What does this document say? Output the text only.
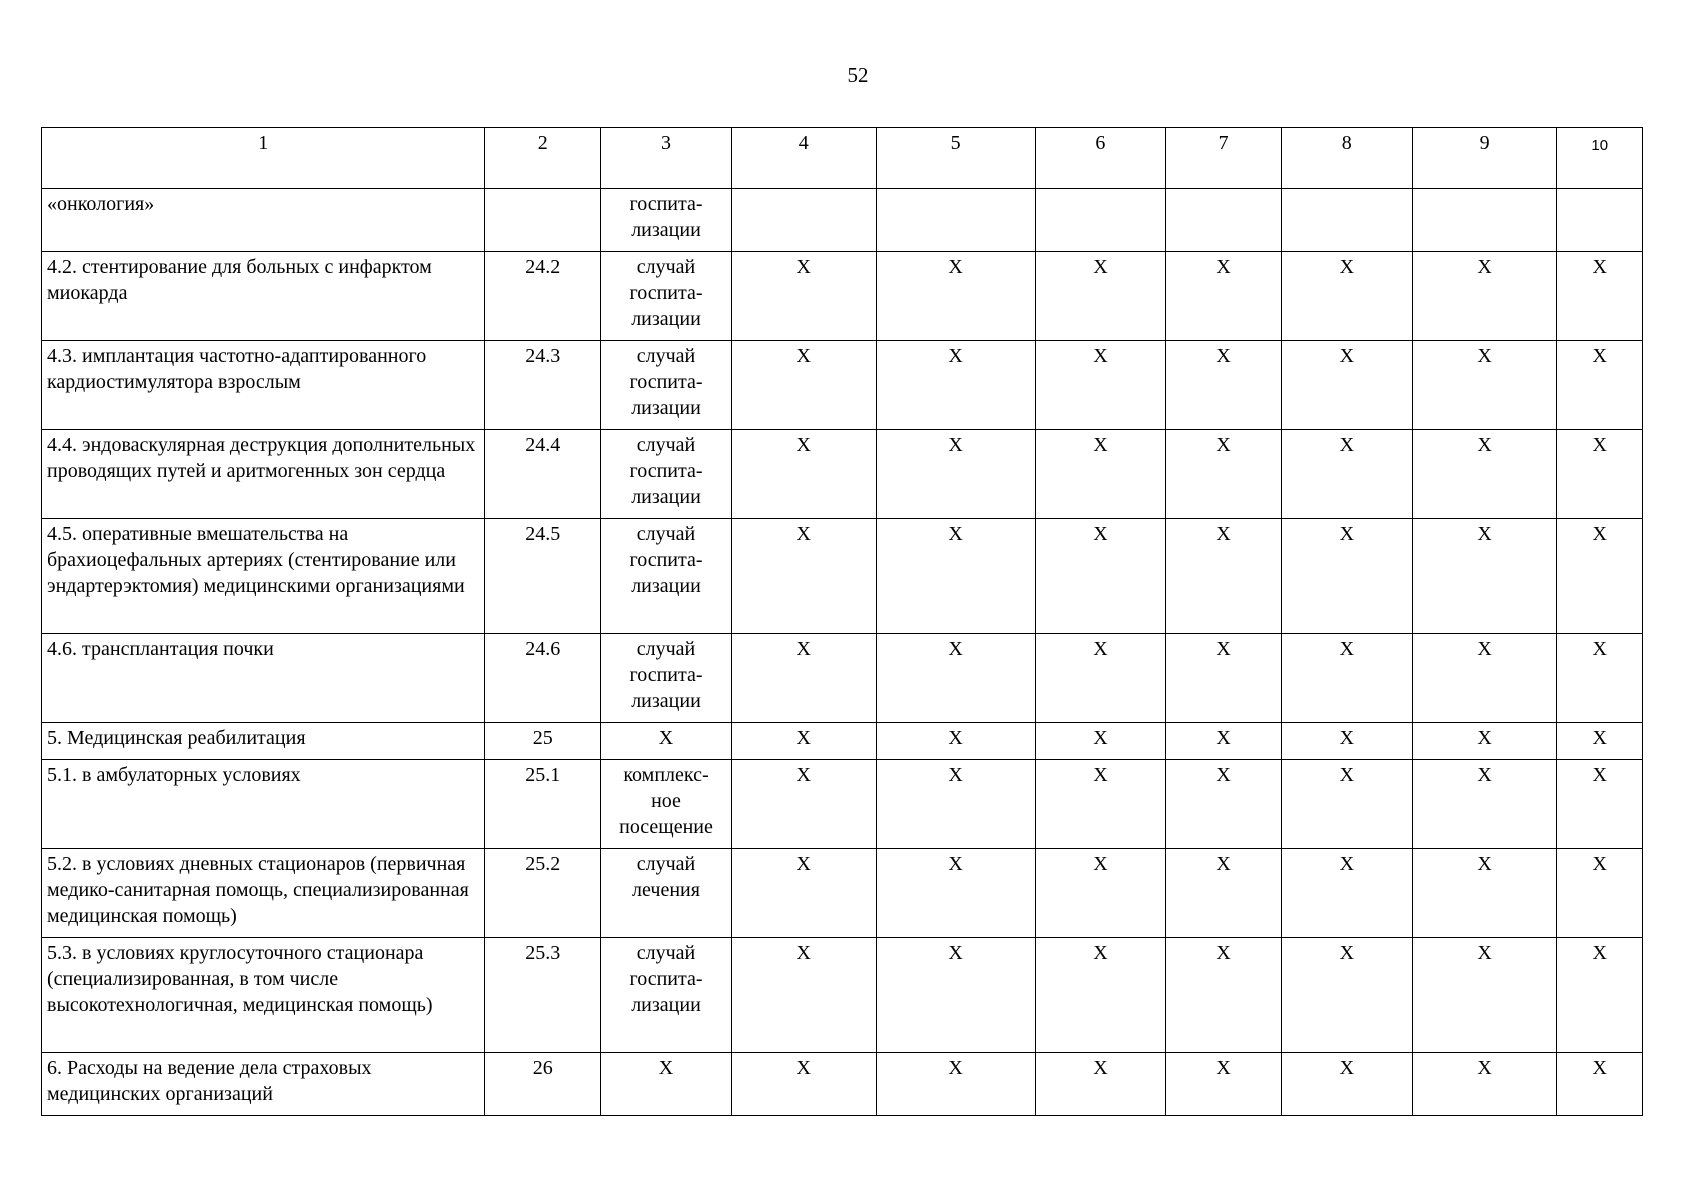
52
1	2	3	4	5	6	7	8	9	10
«онкология»		госпита-
лизации							
4.2. стентирование для больных с инфарктом миокарда	24.2	случай
госпита-
лизации	Х	Х	Х	Х	Х	Х	Х
4.3. имплантация частотно-адаптированного кардиостимулятора взрослым	24.3	случай
госпита-
лизации	Х	Х	Х	Х	Х	Х	Х
4.4. эндоваскулярная деструкция дополнительных проводящих путей и аритмогенных зон сердца	24.4	случай
госпита-
лизации	Х	Х	Х	Х	Х	Х	Х
4.5. оперативные вмешательства на брахиоцефальных артериях (стентирование или эндартерэктомия) медицинскими организациями	24.5	случай
госпита-
лизации	Х	Х	Х	Х	Х	Х	Х
4.6. трансплантация почки	24.6	случай
госпита-
лизации	Х	Х	Х	Х	Х	Х	Х
5. Медицинская реабилитация	25	Х	Х	Х	Х	Х	Х	Х	Х
5.1. в амбулаторных условиях	25.1	комплекс-
ное
посещение	Х	Х	Х	Х	Х	Х	Х
5.2. в условиях дневных стационаров (первичная медико-санитарная помощь, специализированная медицинская помощь)	25.2	случай
лечения	Х	Х	Х	Х	Х	Х	Х
5.3. в условиях круглосуточного стационара (специализированная, в том числе высокотехнологичная, медицинская помощь)	25.3	случай
госпита-
лизации	Х	Х	Х	Х	Х	Х	Х
6. Расходы на ведение дела страховых медицинских организаций	26	Х	Х	Х	Х	Х	Х	Х	Х
